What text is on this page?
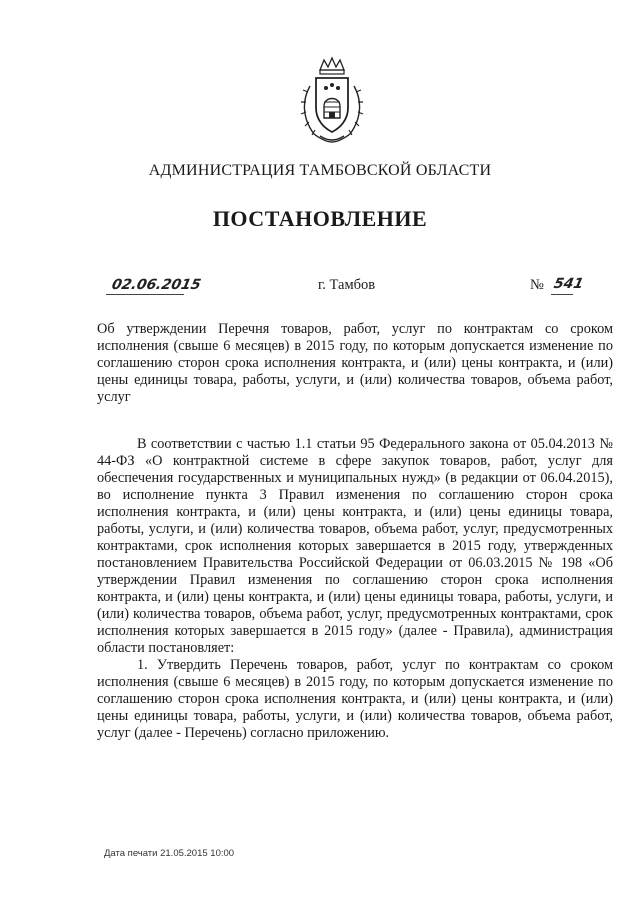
АДМИНИСТРАЦИЯ ТАМБОВСКОЙ ОБЛАСТИ
ПОСТАНОВЛЕНИЕ
02.06.2015	г. Тамбов	№ 541
Об утверждении Перечня товаров, работ, услуг по контрактам со сроком исполнения (свыше 6 месяцев) в 2015 году, по которым допускается изменение по соглашению сторон срока исполнения контракта, и (или) цены контракта, и (или) цены единицы товара, работы, услуги, и (или) количества товаров, объема работ, услуг

В соответствии с частью 1.1 статьи 95 Федерального закона от 05.04.2013 № 44-ФЗ «О контрактной системе в сфере закупок товаров, работ, услуг для обеспечения государственных и муниципальных нужд» (в редакции от 06.04.2015), во исполнение пункта 3 Правил изменения по соглашению сторон срока исполнения контракта, и (или) цены контракта, и (или) цены единицы товара, работы, услуги, и (или) количества товаров, объема работ, услуг, предусмотренных контрактами, срок исполнения которых завершается в 2015 году, утвержденных постановлением Правительства Российской Федерации от 06.03.2015 № 198 «Об утверждении Правил изменения по соглашению сторон срока исполнения контракта, и (или) цены контракта, и (или) цены единицы товара, работы, услуги, и (или) количества товаров, объема работ, услуг, предусмотренных контрактами, срок исполнения которых завершается в 2015 году» (далее - Правила), администрация области постановляет:

1. Утвердить Перечень товаров, работ, услуг по контрактам со сроком исполнения (свыше 6 месяцев) в 2015 году, по которым допускается изменение по соглашению сторон срока исполнения контракта, и (или) цены контракта, и (или) цены единицы товара, работы, услуги, и (или) количества товаров, объема работ, услуг (далее - Перечень) согласно приложению.

Дата печати 21.05.2015 10:00
